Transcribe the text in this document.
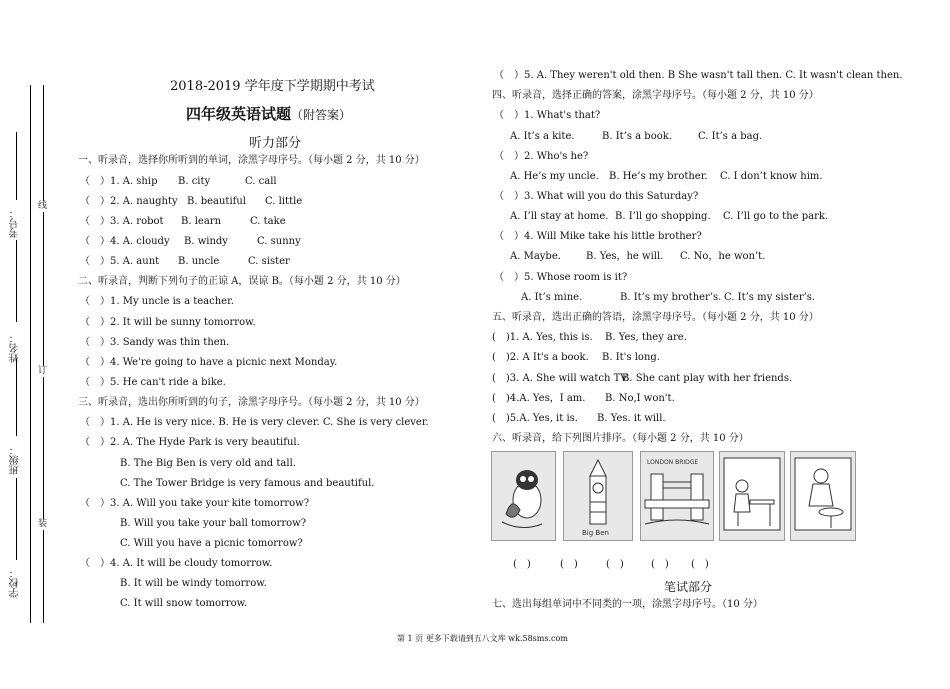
学校：
班级：
姓名：
考号：
装
订
线
2018-2019 学年度下学期期中考试
四年级英语试题（附答案）
听力部分
一、听录音，选择你所听到的单词，涂黑字母序号。（每小题 2 分，共 10 分）
（　）1. A. ship B. city	C. call
（　）2. A. naughty B. beautiful C. little
（　）3. A. robot B. learn	C. take
（　）4. A. cloudy B. windy	C. sunny
（　）5. A. aunt B. uncle	C. sister
二、听录音，判断下列句子的正谅 A，误谅 B。（每小题 2 分，共 10 分）
（　）1. My uncle is a teacher.
（　）2. It will be sunny tomorrow.
（　）3. Sandy was thin then.
（　）4. We're going to have a picnic next Monday.
（　）5. He can't ride a bike.
三、听录音，选出你所听到的句子，涂黑字母序号。（每小题 2 分，共 10 分）
（　）1. A. He is very nice. B. He is very clever. C. She is very clever.
（　）2. A. The Hyde Park is very beautiful.
B. The Big Ben is very old and tall.
C. The Tower Bridge is very famous and beautiful.
（　）3. A. Will you take your kite tomorrow?
B. Will you take your ball tomorrow?
C. Will you have a picnic tomorrow?
（　）4. A. It will be cloudy tomorrow.
B. It will be windy tomorrow.
C. It will snow tomorrow.
（　）5. A. They weren't old then. B She wasn't tall then. C. It wasn't clean then.
四、听录音，选择正确的答案，涂黑字母序号。（每小题 2 分，共 10 分）
（　）1. What's that?
A. It’s a kite.	B. It’s a book.	C. It’s a bag.
（　）2. Who's he?
A. He’s my uncle. B. He’s my brother. C. I don’t know him.
（　）3. What will you do this Saturday?
A. I’ll stay at home. B. I’ll go shopping. C. I’ll go to the park.
（　）4. Will Mike take his little brother?
A. Maybe.	B. Yes，he will. C. No，he won’t.
（　）5. Whose room is it?
A. It’s mine.	B. It’s my brother’s. C. It’s my sister’s.
五、听录音，选出正确的答语，涂黑字母序号。（每小题 2 分，共 10 分）
(　)1. A. Yes, this is. B. Yes, they are.
(　)2. A It's a book. B. It's long.
(　)3. A. She will watch TV.
B. She cant play with her friends.
(　)4.A. Yes，I am. B. No,I won't.
(　)5.A. Yes, it is. B. Yes. it will.
六、听录音，给下列图片排序。（每小题 2 分，共 10 分）
Big Ben
LONDON BRIDGE
(　)	(　)	(　)	(　) (　)
笔试部分
七、选出每组单词中不同类的一项，涂黑字母序号。（10 分）
第 1 页 更多下载请到五八文库 wk.58sms.com
